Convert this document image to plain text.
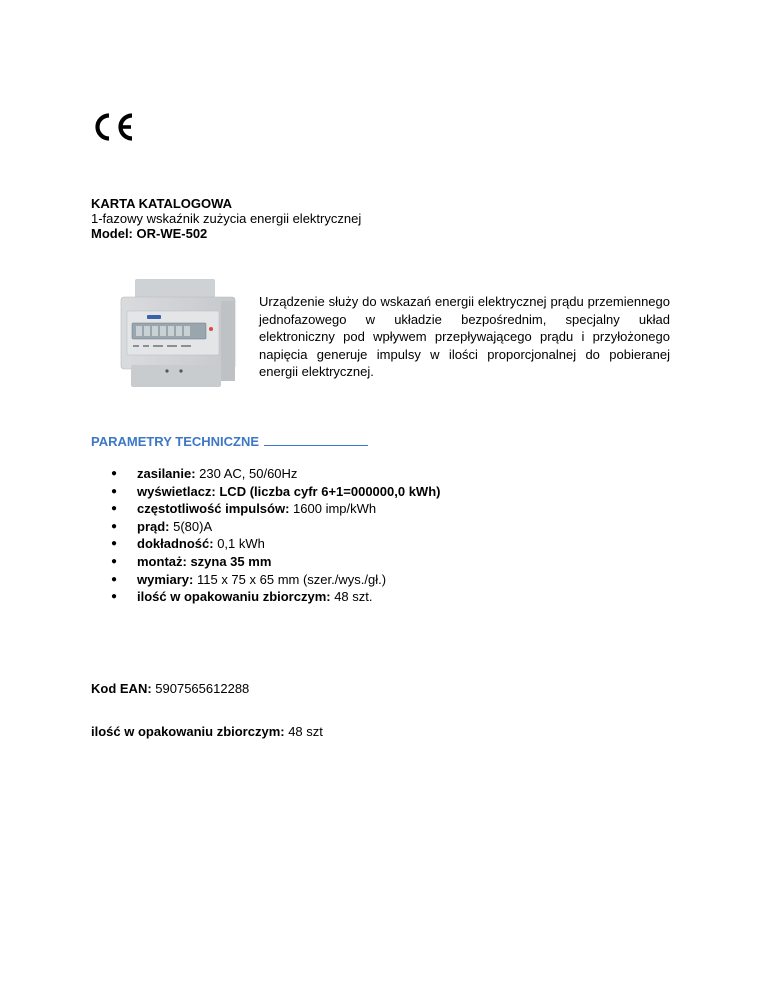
KARTA KATALOGOWA
1-fazowy wskaźnik zużycia energii elektrycznej
Model: OR-WE-502
Urządzenie służy do wskazań energii elektrycznej prądu przemiennego jednofazowego w układzie bezpośrednim, specjalny układ elektroniczny pod wpływem przepływającego prądu i przyłożonego napięcia generuje impulsy w ilości proporcjonalnej do pobieranej energii elektrycznej.
PARAMETRY TECHNICZNE
● zasilanie: 230 AC, 50/60Hz
● wyświetlacz: LCD (liczba cyfr 6+1=000000,0 kWh)
● częstotliwość impulsów: 1600 imp/kWh
● prąd: 5(80)A
● dokładność: 0,1 kWh
● montaż: szyna 35 mm
● wymiary: 115 x 75 x 65 mm (szer./wys./gł.)
● ilość w opakowaniu zbiorczym: 48 szt.
Kod EAN: 5907565612288
ilość w opakowaniu zbiorczym: 48 szt
